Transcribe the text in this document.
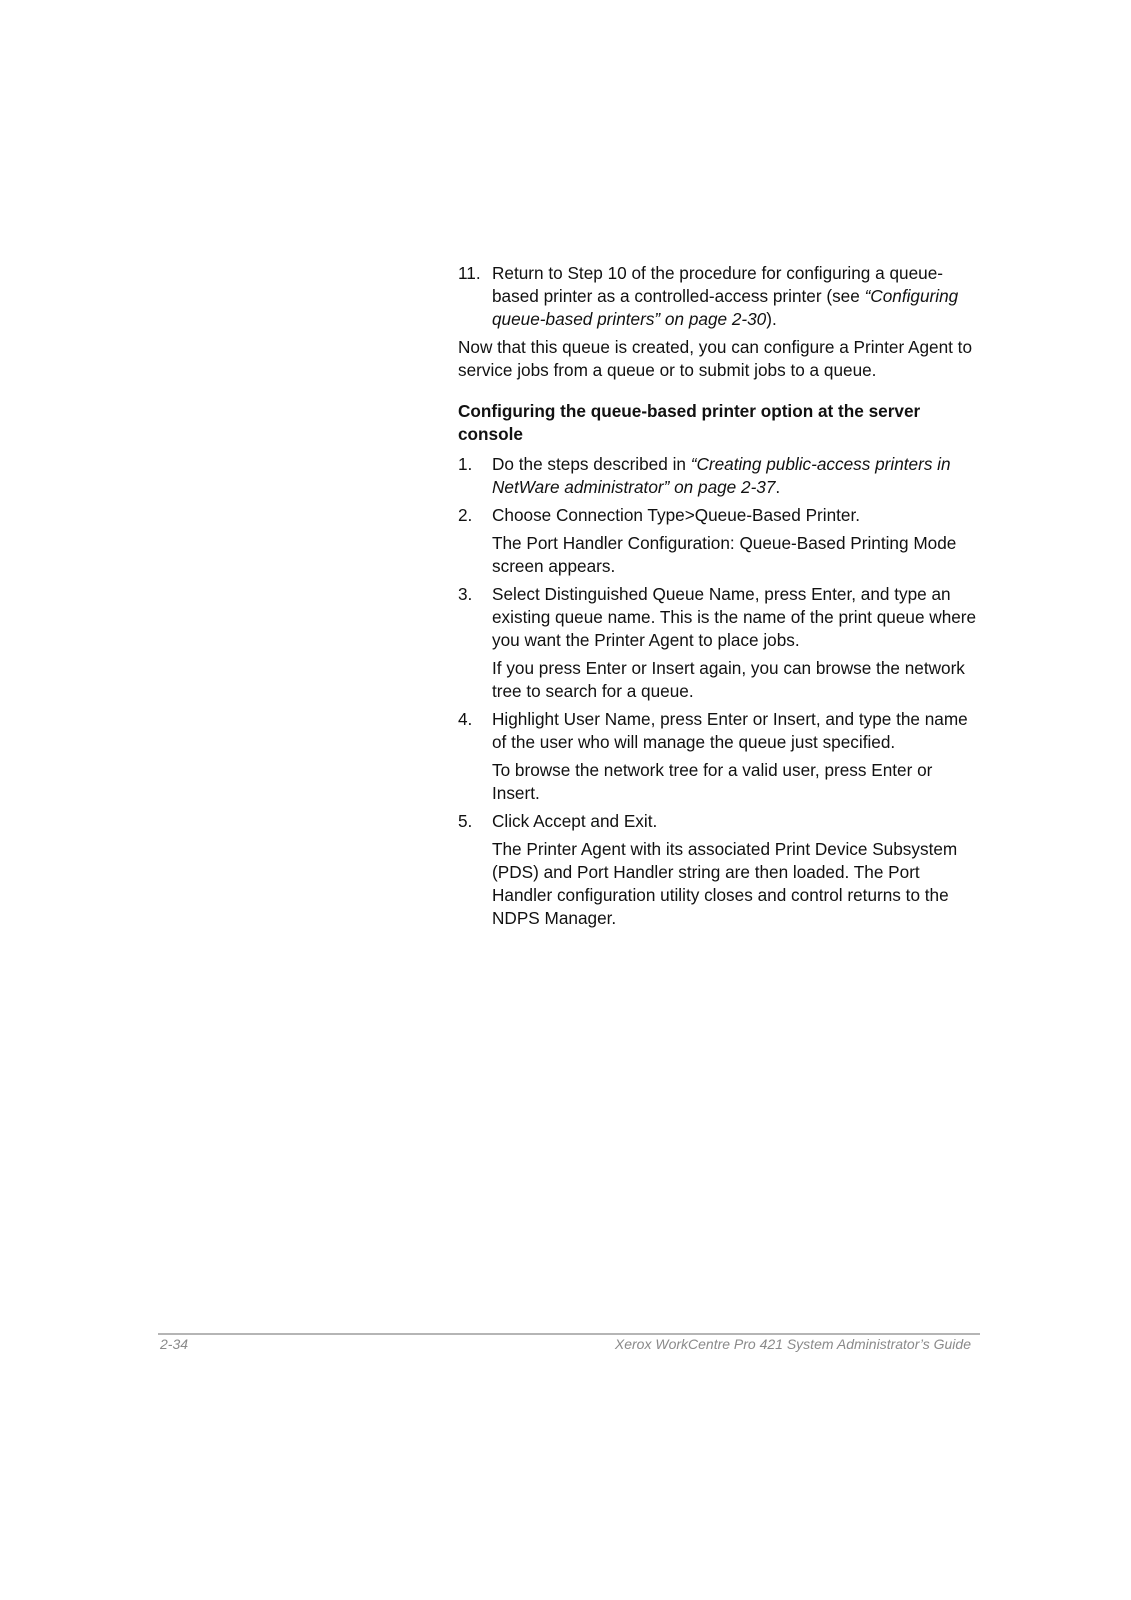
11. Return to Step 10 of the procedure for configuring a queue-based printer as a controlled-access printer (see “Configuring queue-based printers” on page 2-30).

Now that this queue is created, you can configure a Printer Agent to service jobs from a queue or to submit jobs to a queue.

Configuring the queue-based printer option at the server console

1. Do the steps described in “Creating public-access printers in NetWare administrator” on page 2-37.

2. Choose Connection Type>Queue-Based Printer.

The Port Handler Configuration: Queue-Based Printing Mode screen appears.

3. Select Distinguished Queue Name, press Enter, and type an existing queue name. This is the name of the print queue where you want the Printer Agent to place jobs.

If you press Enter or Insert again, you can browse the network tree to search for a queue.

4. Highlight User Name, press Enter or Insert, and type the name of the user who will manage the queue just specified.

To browse the network tree for a valid user, press Enter or Insert.

5. Click Accept and Exit.

The Printer Agent with its associated Print Device Subsystem (PDS) and Port Handler string are then loaded. The Port Handler configuration utility closes and control returns to the NDPS Manager.

2-34	Xerox WorkCentre Pro 421 System Administrator’s Guide
